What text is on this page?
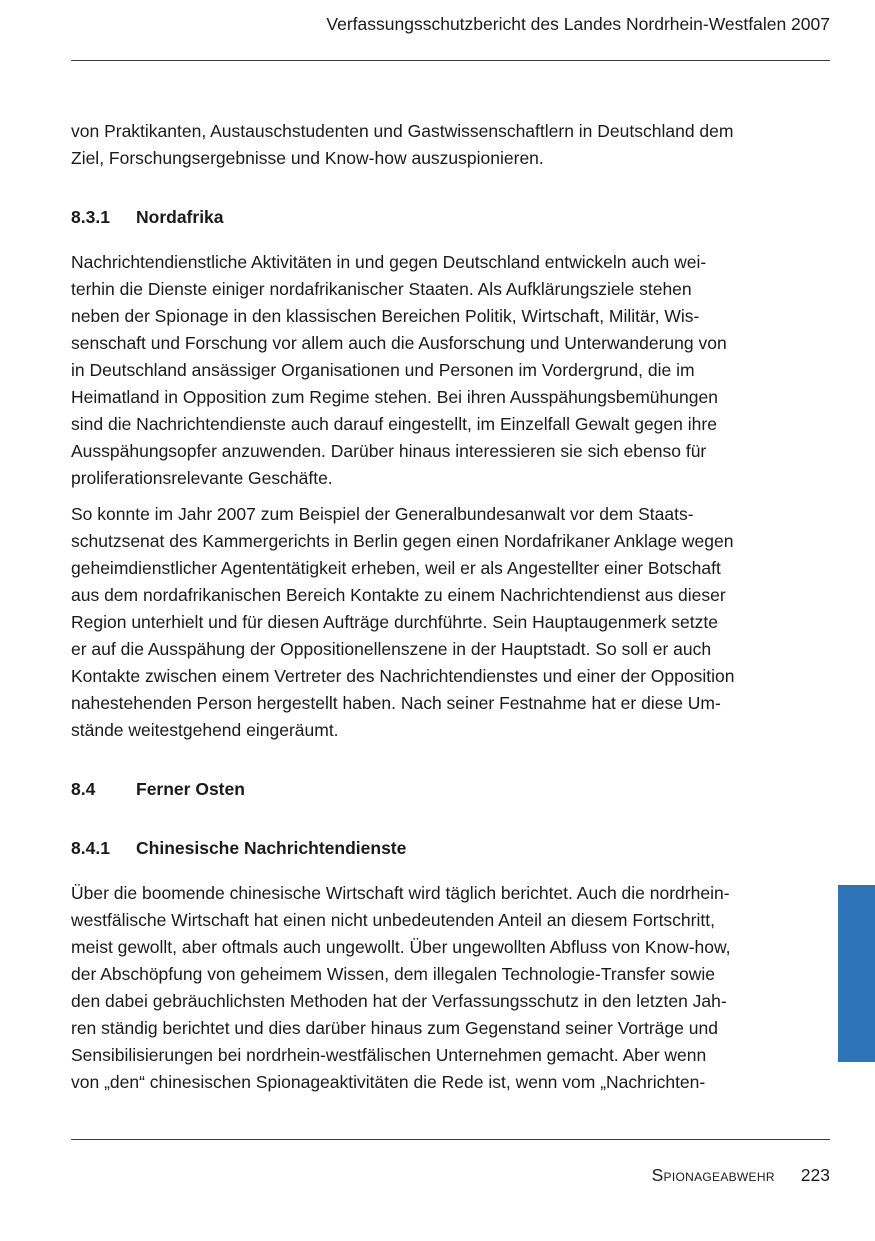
Verfassungsschutzbericht des Landes Nordrhein-Westfalen 2007

von Praktikanten, Austauschstudenten und Gastwissenschaftlern in Deutschland dem
Ziel, Forschungsergebnisse und Know-how auszuspionieren.

8.3.1	Nordafrika

Nachrichtendienstliche Aktivitäten in und gegen Deutschland entwickeln auch wei-
terhin die Dienste einiger nordafrikanischer Staaten. Als Aufklärungsziele stehen
neben der Spionage in den klassischen Bereichen Politik, Wirtschaft, Militär, Wis-
senschaft und Forschung vor allem auch die Ausforschung und Unterwanderung von
in Deutschland ansässiger Organisationen und Personen im Vordergrund, die im
Heimatland in Opposition zum Regime stehen. Bei ihren Ausspähungsbemühungen
sind die Nachrichtendienste auch darauf eingestellt, im Einzelfall Gewalt gegen ihre
Ausspähungsopfer anzuwenden. Darüber hinaus interessieren sie sich ebenso für
proliferationsrelevante Geschäfte.

So konnte im Jahr 2007 zum Beispiel der Generalbundesanwalt vor dem Staats-
schutzsenat des Kammergerichts in Berlin gegen einen Nordafrikaner Anklage wegen
geheimdienstlicher Agententätigkeit erheben, weil er als Angestellter einer Botschaft
aus dem nordafrikanischen Bereich Kontakte zu einem Nachrichtendienst aus dieser
Region unterhielt und für diesen Aufträge durchführte. Sein Hauptaugenmerk setzte
er auf die Ausspähung der Oppositionellenszene in der Hauptstadt. So soll er auch
Kontakte zwischen einem Vertreter des Nachrichtendienstes und einer der Opposition
nahestehenden Person hergestellt haben. Nach seiner Festnahme hat er diese Um-
stände weitestgehend eingeräumt.

8.4	Ferner Osten
8.4.1	Chinesische Nachrichtendienste

Über die boomende chinesische Wirtschaft wird täglich berichtet. Auch die nordrhein-
westfälische Wirtschaft hat einen nicht unbedeutenden Anteil an diesem Fortschritt,
meist gewollt, aber oftmals auch ungewollt. Über ungewollten Abfluss von Know-how,
der Abschöpfung von geheimem Wissen, dem illegalen Technologie-Transfer sowie
den dabei gebräuchlichsten Methoden hat der Verfassungsschutz in den letzten Jah-
ren ständig berichtet und dies darüber hinaus zum Gegenstand seiner Vorträge und
Sensibilisierungen bei nordrhein-westfälischen Unternehmen gemacht. Aber wenn
von „den“ chinesischen Spionageaktivitäten die Rede ist, wenn vom „Nachrichten-

Spionageabwehr 223
